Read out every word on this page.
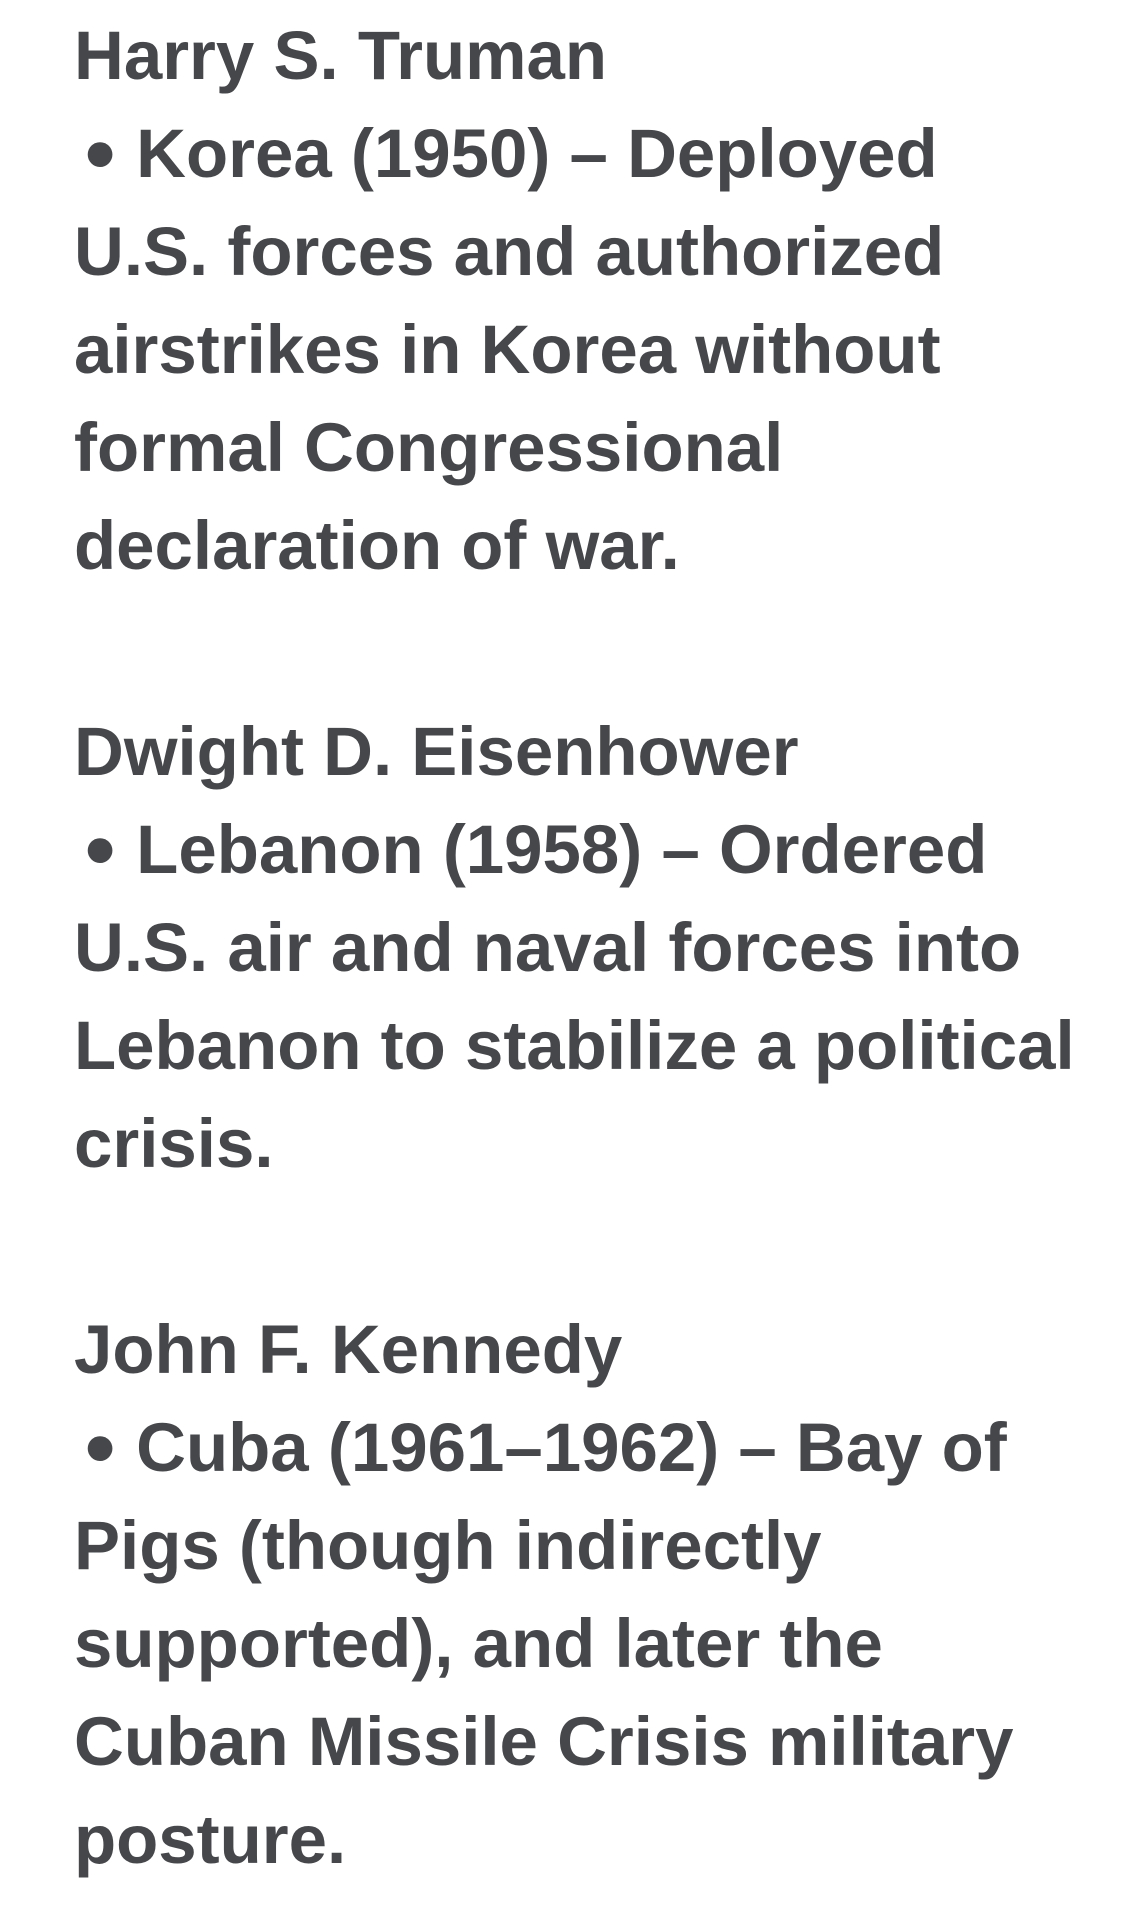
Harry S. Truman
• Korea (1950) – Deployed
U.S. forces and authorized
airstrikes in Korea without
formal Congressional
declaration of war.
Dwight D. Eisenhower
• Lebanon (1958) – Ordered
U.S. air and naval forces into
Lebanon to stabilize a political
crisis.
John F. Kennedy
• Cuba (1961–1962) – Bay of
Pigs (though indirectly
supported), and later the
Cuban Missile Crisis military
posture.
